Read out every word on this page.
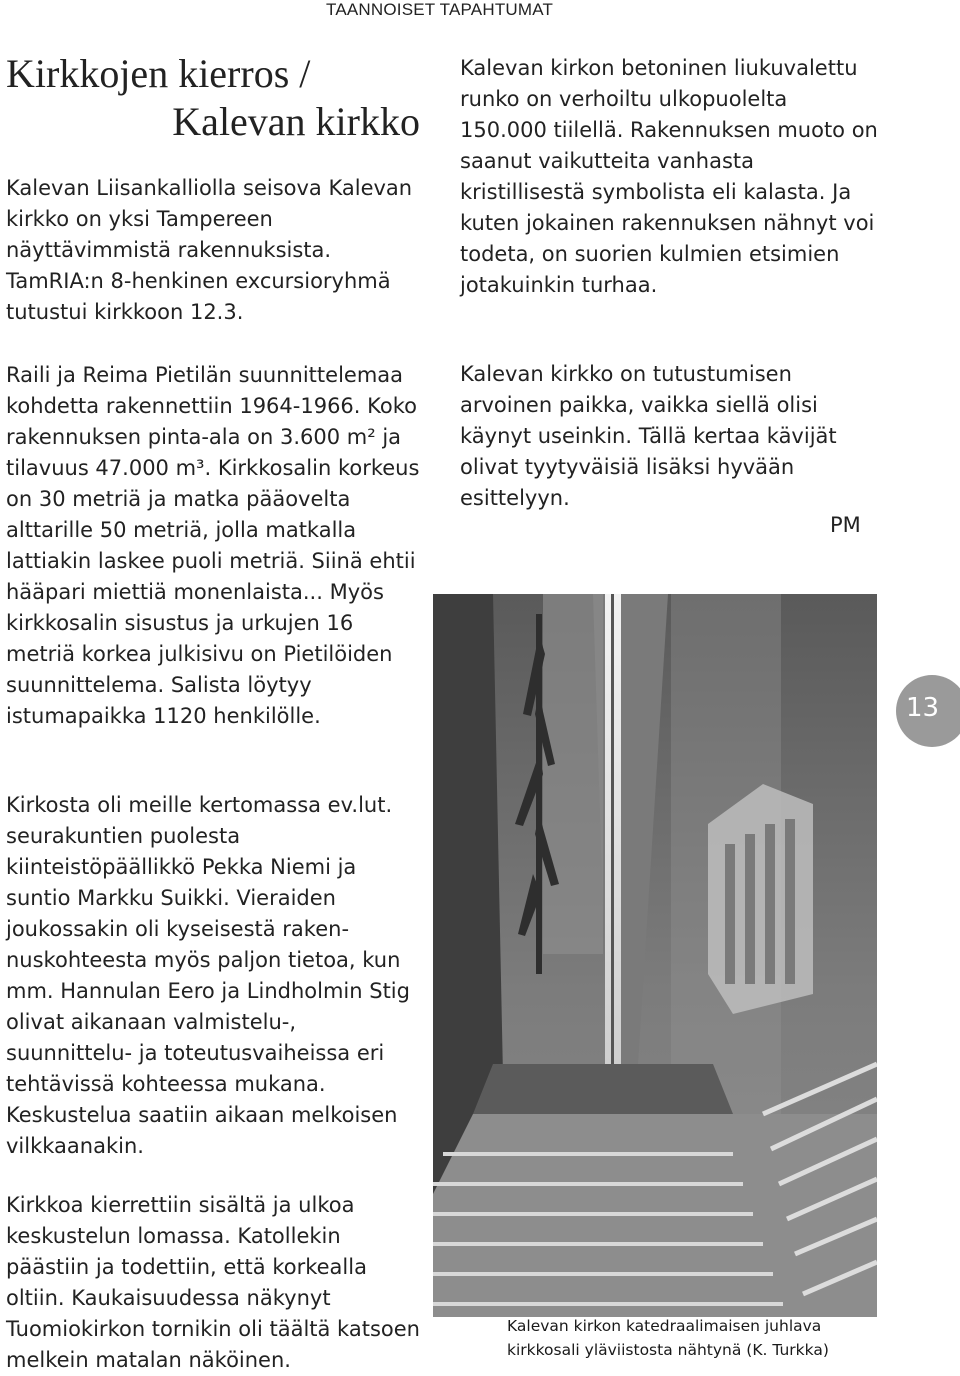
TAANNOISET TAPAHTUMAT
Kirkkojen kierros /
Kalevan kirkko

Kalevan Liisankalliolla seisova Kalevan kirkko on yksi Tampereen näyttävimmistä rakennuksista. TamRIA:n 8-henkinen excursioryhmä tutustui kirkkoon 12.3.

Raili ja Reima Pietilän suunnittelemaa kohdetta rakennettiin 1964-1966. Koko rakennuksen pinta-ala on 3.600 m² ja tilavuus 47.000 m³. Kirkkosalin korkeus on 30 metriä ja matka pääovelta alttarille 50 metriä, jolla matkalla lattiakin laskee puoli metriä. Siinä ehtii hääpari miettiä monenlaista... Myös kirkkosalin sisustus ja urkujen 16 metriä korkea julkisivu on Pietilöiden suunnittelema. Salista löytyy istumapaikka 1120 henkilölle.

Kirkosta oli meille kertomassa ev.lut. seurakuntien puolesta kiinteistöpäällikkö Pekka Niemi ja suntio Markku Suikki. Vieraiden joukossakin oli kyseisestä rakennuskohteesta myös paljon tietoa, kun mm. Hannulan Eero ja Lindholmin Stig olivat aikanaan valmistelu-, suunnittelu- ja toteutusvaiheissa eri tehtävissä kohteessa mukana. Keskustelua saatiin aikaan melkoisen vilkkaanakin.

Kirkkoa kierrettiin sisältä ja ulkoa keskustelun lomassa. Katollekin päästiin ja todettiin, että korkealla oltiin. Kaukaisuudessa näkynyt Tuomiokirkon tornikin oli täältä katsoen melkein matalan näköinen.

Kalevan kirkon betoninen liukuvalettu runko on verhoiltu ulkopuolelta 150.000 tiilellä. Rakennuksen muoto on saanut vaikutteita vanhasta kristillisestä symbolista eli kalasta. Ja kuten jokainen rakennuksen nähnyt voi todeta, on suorien kulmien etsimien jotakuinkin turhaa.

Kalevan kirkko on tutustumisen arvoinen paikka, vaikka siellä olisi käynyt useinkin. Tällä kertaa kävijät olivat tyytyväisiä lisäksi hyvään esittelyyn.

PM
Kalevan kirkon katedraalimaisen juhlava kirkkosali yläviistosta nähtynä (K. Turkka)
13
